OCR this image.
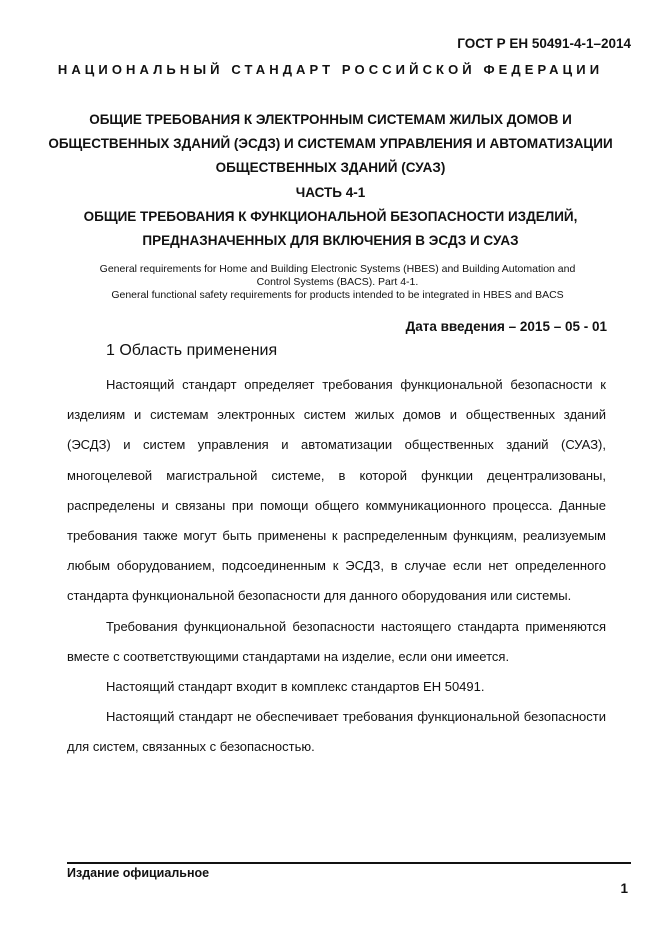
ГОСТ Р ЕН 50491-4-1–2014
НАЦИОНАЛЬНЫЙ СТАНДАРТ РОССИЙСКОЙ ФЕДЕРАЦИИ
ОБЩИЕ ТРЕБОВАНИЯ К ЭЛЕКТРОННЫМ СИСТЕМАМ ЖИЛЫХ ДОМОВ И
ОБЩЕСТВЕННЫХ ЗДАНИЙ (ЭСДЗ) И СИСТЕМАМ УПРАВЛЕНИЯ И АВТОМАТИЗАЦИИ
ОБЩЕСТВЕННЫХ ЗДАНИЙ (СУАЗ)
ЧАСТЬ 4-1
ОБЩИЕ ТРЕБОВАНИЯ К ФУНКЦИОНАЛЬНОЙ БЕЗОПАСНОСТИ ИЗДЕЛИЙ,
ПРЕДНАЗНАЧЕННЫХ ДЛЯ ВКЛЮЧЕНИЯ В ЭСДЗ И СУАЗ
General requirements for Home and Building Electronic Systems (HBES) and Building Automation and
Control Systems (BACS). Part 4-1.
General functional safety requirements for products intended to be integrated in HBES and BACS
Дата введения – 2015 – 05 - 01
1 Область применения

Настоящий стандарт определяет требования функциональной безопасности к изделиям и системам электронных систем жилых домов и общественных зданий (ЭСДЗ) и систем управления и автоматизации общественных зданий (СУАЗ), многоцелевой магистральной системе, в которой функции децентрализованы, распределены и связаны при помощи общего коммуникационного процесса. Данные требования также могут быть применены к распределенным функциям, реализуемым любым оборудованием, подсоединенным к ЭСДЗ, в случае если нет определенного стандарта функциональной безопасности для данного оборудования или системы.

Требования функциональной безопасности настоящего стандарта применяются вместе с соответствующими стандартами на изделие, если они имеется.

Настоящий стандарт входит в комплекс стандартов ЕН 50491.

Настоящий стандарт не обеспечивает требования функциональной безопасности для систем, связанных с безопасностью.

Издание официальное
1
